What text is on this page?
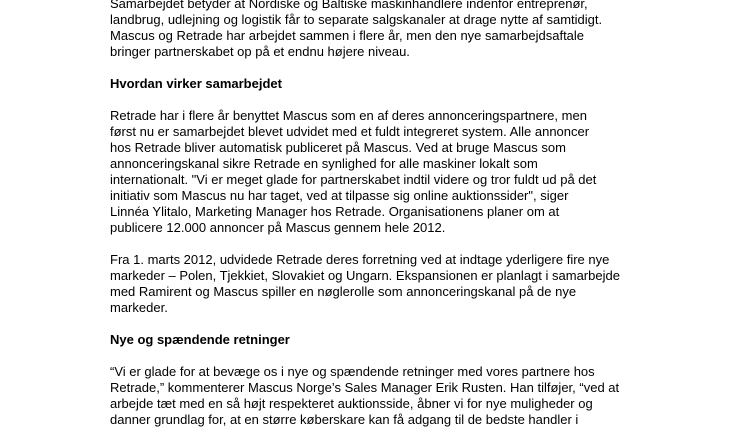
Samarbejdet betyder at Nordiske og Baltiske maskinhandlere indenfor entreprenør,
landbrug, udlejning og logistik får to separate salgskanaler at drage nytte af samtidigt.
Mascus og Retrade har arbejdet sammen i flere år, men den nye samarbejdsaftale
bringer partnerskabet op på et endnu højere niveau.

Hvordan virker samarbejdet

Retrade har i flere år benyttet Mascus som en af deres annonceringspartnere, men
først nu er samarbejdet blevet udvidet med et fuldt integreret system. Alle annoncer
hos Retrade bliver automatisk publiceret på Mascus. Ved at bruge Mascus som
annonceringskanal sikre Retrade en synlighed for alle maskiner lokalt som
internationalt. "Vi er meget glade for partnerskabet indtil videre og tror fuldt ud på det
initiativ som Mascus nu har taget, ved at tilpasse sig online auktionssider", siger
Linnéa Ylitalo, Marketing Manager hos Retrade. Organisationens planer om at
publicere 12.000 annoncer på Mascus gennem hele 2012.

Fra 1. marts 2012, udvidede Retrade deres forretning ved at indtage yderligere fire nye
markeder – Polen, Tjekkiet, Slovakiet og Ungarn. Ekspansionen er planlagt i samarbejde
med Ramirent og Mascus spiller en nøglerolle som annonceringskanal på de nye
markeder.

Nye og spændende retninger

“Vi er glade for at bevæge os i nye og spændende retninger med vores partnere hos
Retrade,” kommenterer Mascus Norge’s Sales Manager Erik Rusten. Han tilføjer, “ved at
arbejde tæt med en så højt respekteret auktionsside, åbner vi for nye muligheder og
danner grundlag for, at en større køberskare kan få adgang til de bedste handler i
